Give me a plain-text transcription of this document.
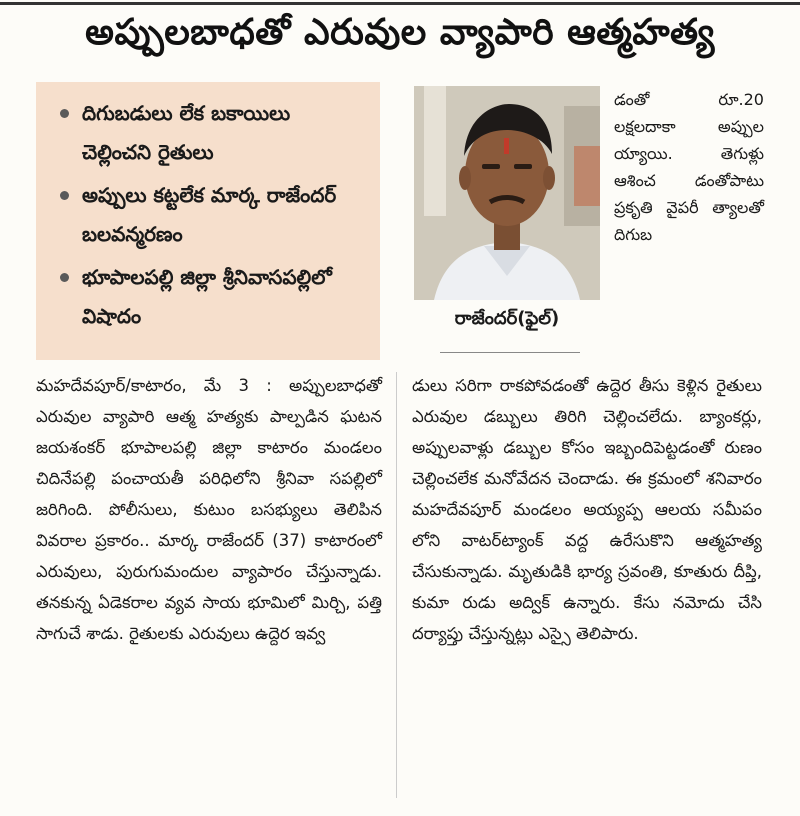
అప్పులబాధతో ఎరువుల వ్యాపారి ఆత్మహత్య
దిగుబడులు లేక బకాయిలు చెల్లించని రైతులు
అప్పులు కట్టలేక మార్క రాజేందర్ బలవన్మరణం
భూపాలపల్లి జిల్లా శ్రీనివాసపల్లిలో విషాదం	రాజేందర్(ఫైల్)

డంతో రూ.20 లక్షలదాకా అప్పుల య్యాయి. తెగుళ్లు ఆశించ డంతోపాటు ప్రకృతి వైపరీ త్యాలతో దిగుబ

మహదేవపూర్/కాటారం, మే 3 : అప్పులబాధతో ఎరువుల వ్యాపారి ఆత్మ హత్యకు పాల్పడిన ఘటన జయశంకర్ భూపాలపల్లి జిల్లా కాటారం మండలం చిదినేపల్లి పంచాయతీ పరిధిలోని శ్రీనివా సపల్లిలో జరిగింది. పోలీసులు, కుటుం బసభ్యులు తెలిపిన వివరాల ప్రకారం.. మార్క రాజేందర్ (37) కాటారంలో ఎరువులు, పురుగుమందుల వ్యాపారం చేస్తున్నాడు. తనకున్న ఏడెకరాల వ్యవ సాయ భూమిలో మిర్చి, పత్తి సాగుచే శాడు. రైతులకు ఎరువులు ఉద్దెర ఇవ్వ

డులు సరిగా రాకపోవడంతో ఉద్దెర తీసు కెళ్లిన రైతులు ఎరువుల డబ్బులు తిరిగి చెల్లించలేదు. బ్యాంకర్లు, అప్పులవాళ్లు డబ్బుల కోసం ఇబ్బందిపెట్టడంతో రుణం చెల్లించలేక మనోవేదన చెందాడు. ఈ క్రమంలో శనివారం మహదేవపూర్ మండలం అయ్యప్ప ఆలయ సమీపం లోని వాటర్‌ట్యాంక్ వద్ద ఉరేసుకొని ఆత్మహత్య చేసుకున్నాడు. మృతుడికి భార్య స్రవంతి, కూతురు దీప్తి, కుమా రుడు అద్విక్ ఉన్నారు. కేసు నమోదు చేసి దర్యాప్తు చేస్తున్నట్లు ఎస్సై తెలిపారు.
